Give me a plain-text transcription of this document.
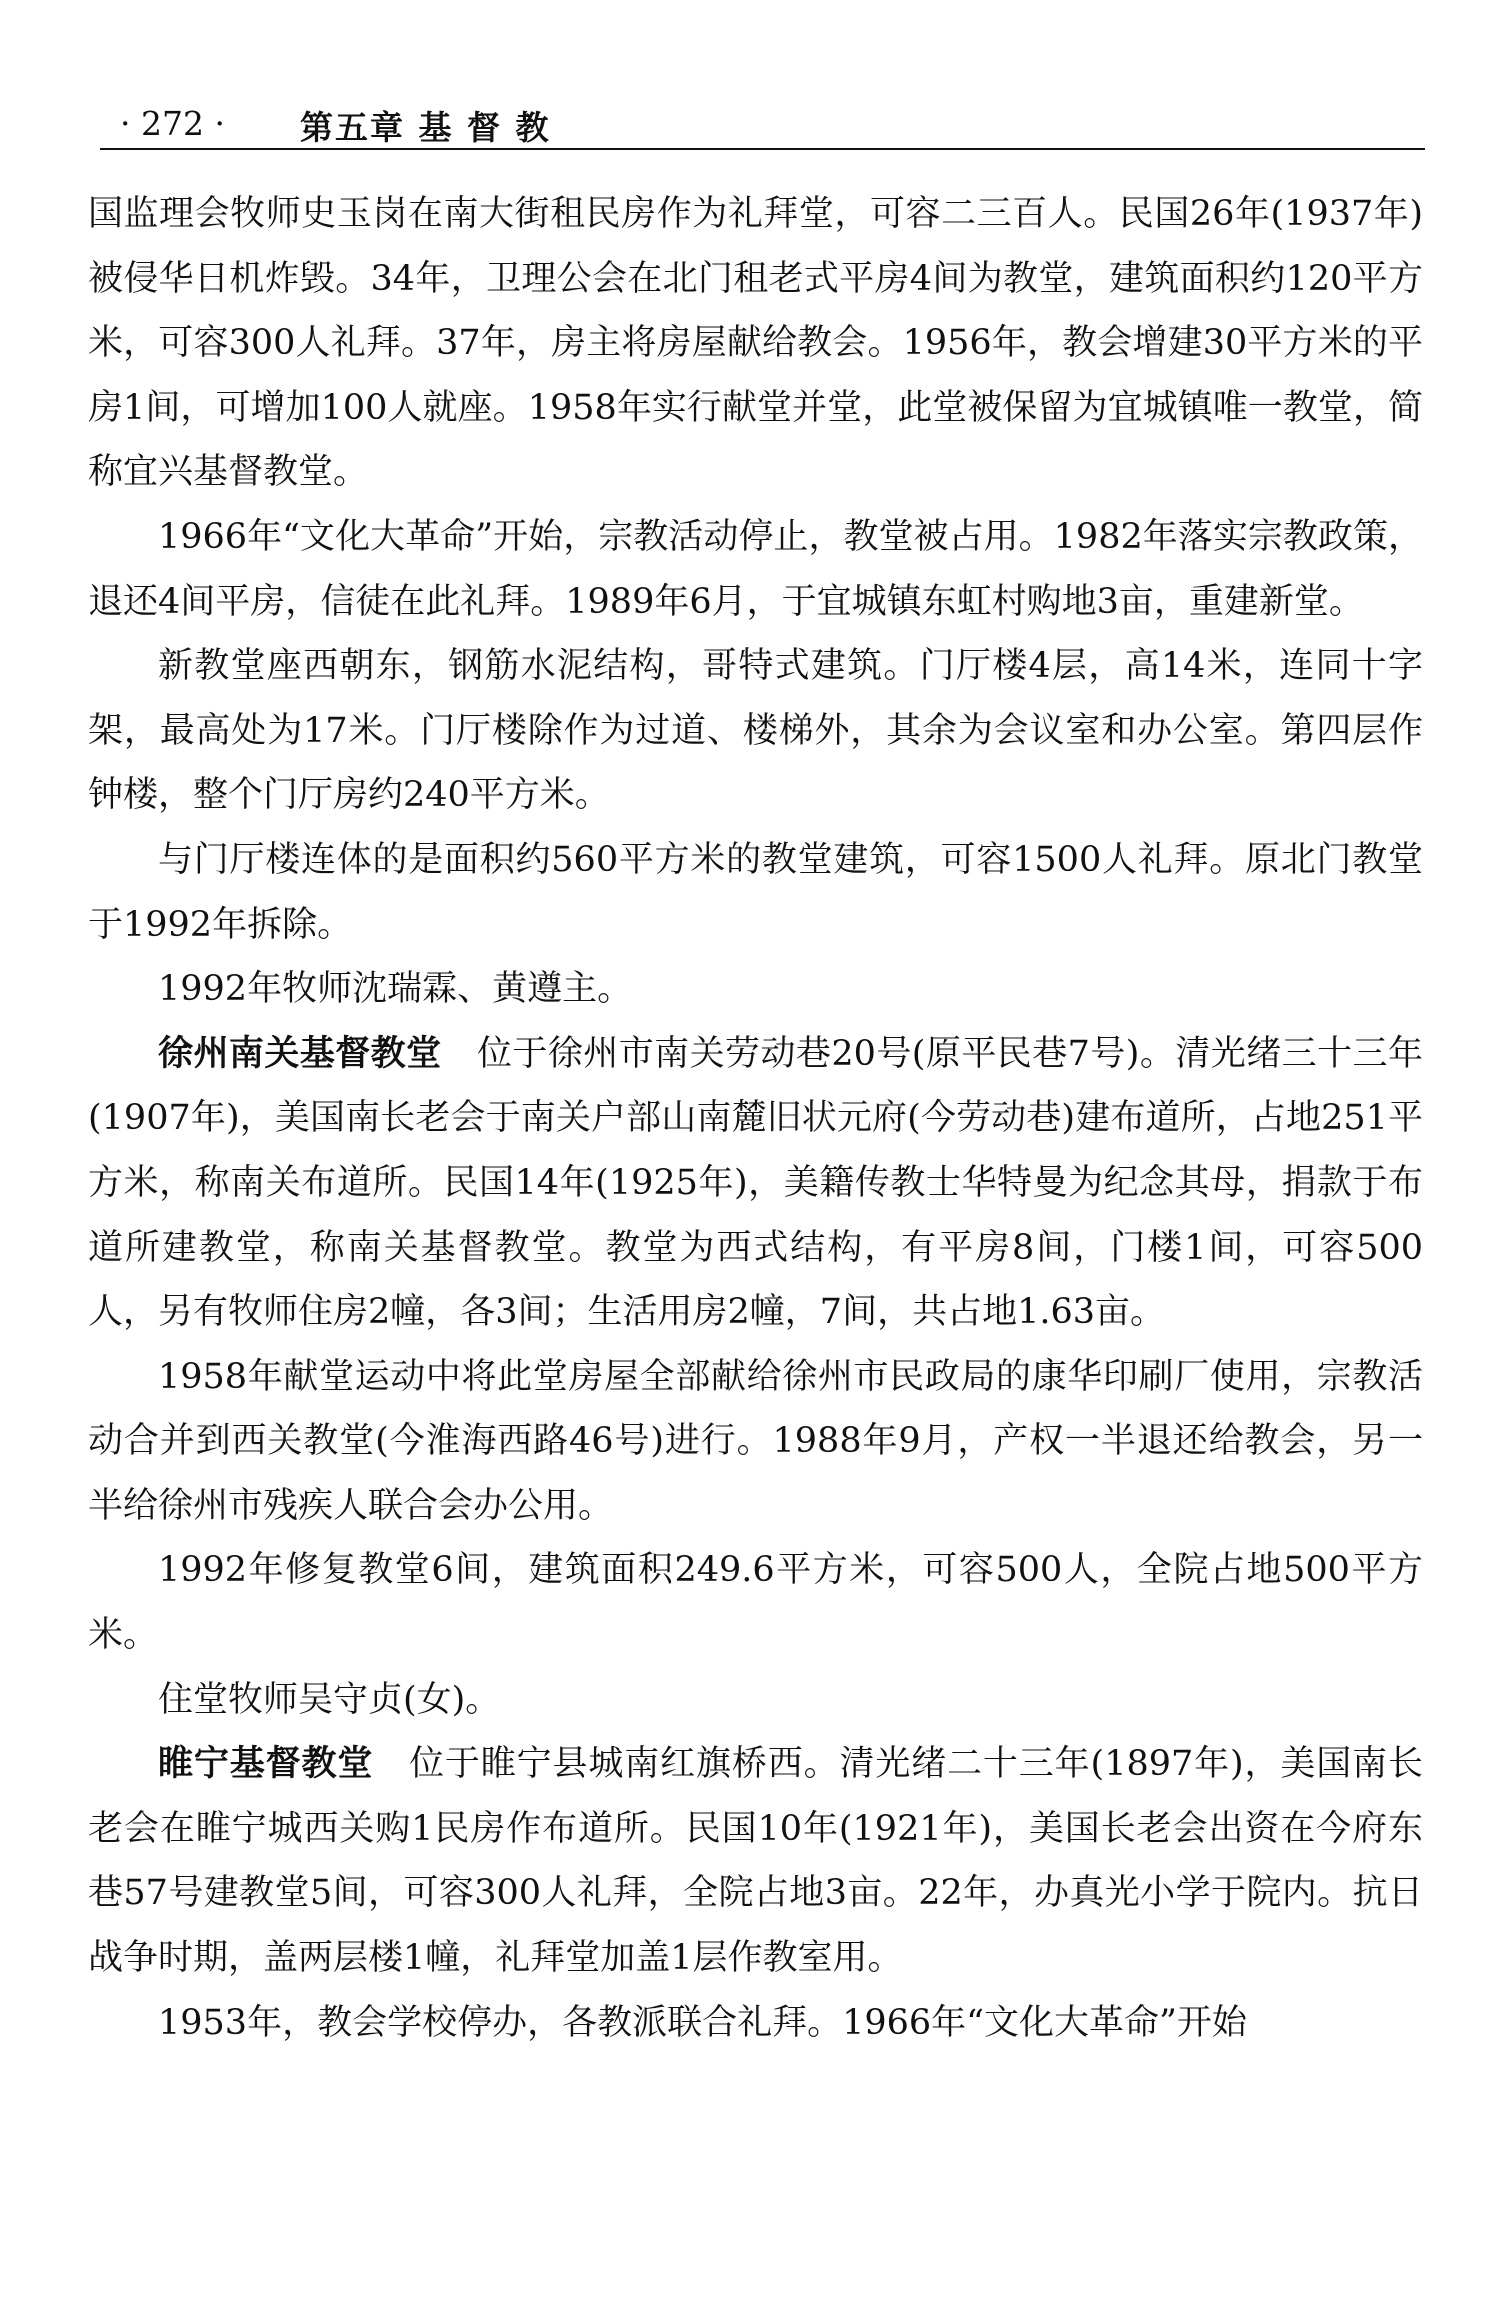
· 272 · 第五章 基 督 教

国监理会牧师史玉岗在南大街租民房作为礼拜堂，可容二三百人。民国26年(1937年)被侵华日机炸毁。34年，卫理公会在北门租老式平房4间为教堂，建筑面积约120平方米，可容300人礼拜。37年，房主将房屋献给教会。1956年，教会增建30平方米的平房1间，可增加100人就座。1958年实行献堂并堂，此堂被保留为宜城镇唯一教堂，简称宜兴基督教堂。

1966年“文化大革命”开始，宗教活动停止，教堂被占用。1982年落实宗教政策，退还4间平房，信徒在此礼拜。1989年6月，于宜城镇东虹村购地3亩，重建新堂。

新教堂座西朝东，钢筋水泥结构，哥特式建筑。门厅楼4层，高14米，连同十字架，最高处为17米。门厅楼除作为过道、楼梯外，其余为会议室和办公室。第四层作钟楼，整个门厅房约240平方米。

与门厅楼连体的是面积约560平方米的教堂建筑，可容1500人礼拜。原北门教堂于1992年拆除。

1992年牧师沈瑞霖、黄遵主。

徐州南关基督教堂 位于徐州市南关劳动巷20号(原平民巷7号)。清光绪三十三年(1907年)，美国南长老会于南关户部山南麓旧状元府(今劳动巷)建布道所，占地251平方米，称南关布道所。民国14年(1925年)，美籍传教士华特曼为纪念其母，捐款于布道所建教堂，称南关基督教堂。教堂为西式结构，有平房8间，门楼1间，可容500人，另有牧师住房2幢，各3间；生活用房2幢，7间，共占地1.63亩。

1958年献堂运动中将此堂房屋全部献给徐州市民政局的康华印刷厂使用，宗教活动合并到西关教堂(今淮海西路46号)进行。1988年9月，产权一半退还给教会，另一半给徐州市残疾人联合会办公用。

1992年修复教堂6间，建筑面积249.6平方米，可容500人，全院占地500平方米。

住堂牧师吴守贞(女)。

睢宁基督教堂 位于睢宁县城南红旗桥西。清光绪二十三年(1897年)，美国南长老会在睢宁城西关购1民房作布道所。民国10年(1921年)，美国长老会出资在今府东巷57号建教堂5间，可容300人礼拜，全院占地3亩。22年，办真光小学于院内。抗日战争时期，盖两层楼1幢，礼拜堂加盖1层作教室用。

1953年，教会学校停办，各教派联合礼拜。1966年“文化大革命”开始
